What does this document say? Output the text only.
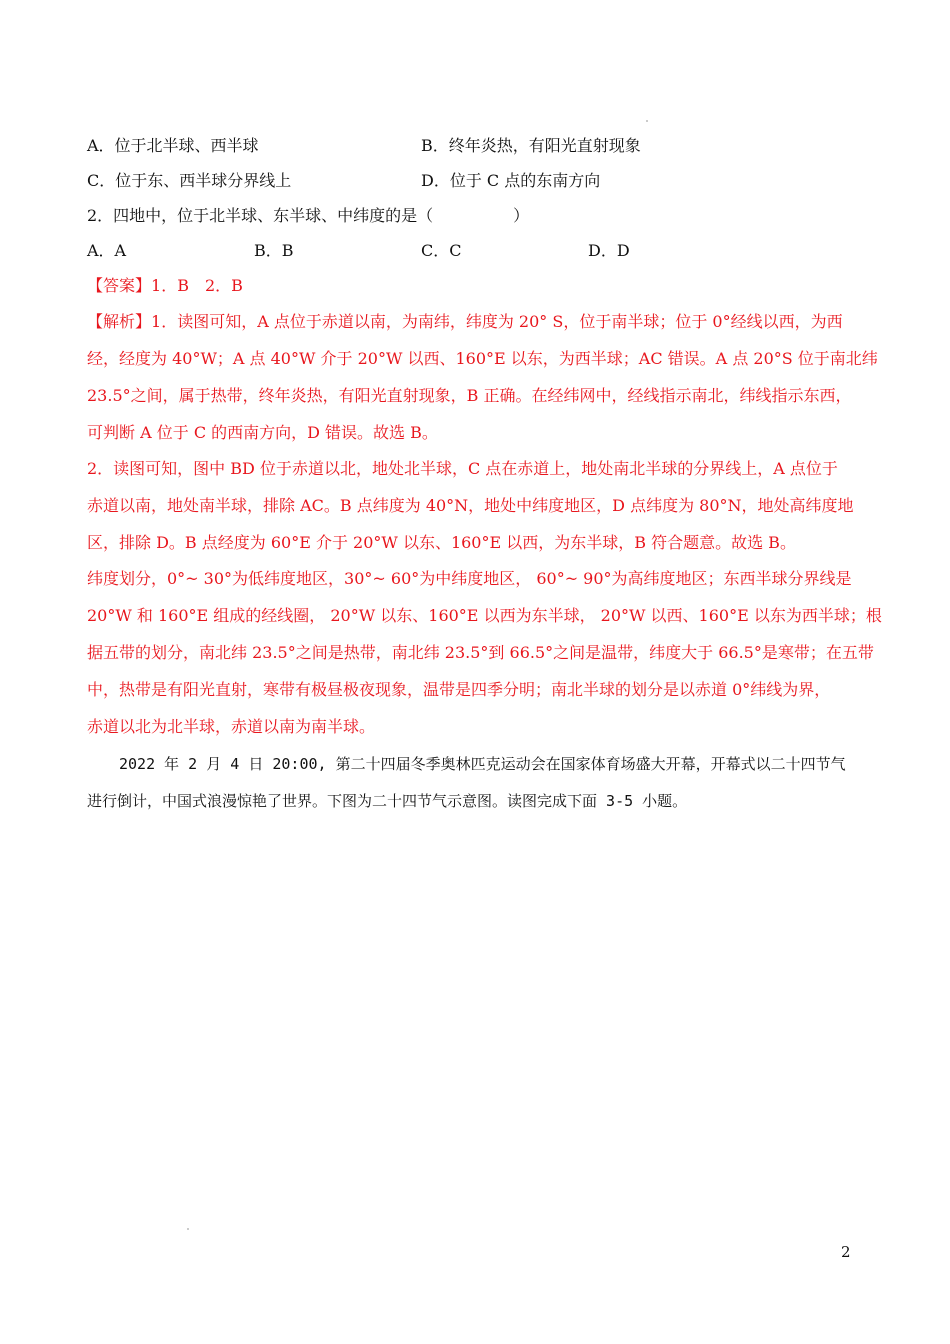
A．位于北半球、西半球	B．终年炎热，有阳光直射现象
C．位于东、西半球分界线上	D．位于 C 点的东南方向
2．四地中，位于北半球、东半球、中纬度的是（　　　　　）
A．A	B．B	C．C	D．D
【答案】1．B　2．B
【解析】1．读图可知，A 点位于赤道以南，为南纬，纬度为 20° S，位于南半球；位于 0°经线以西，为西
经，经度为 40°W；A 点 40°W 介于 20°W 以西、160°E 以东，为西半球；AC 错误。A 点 20°S 位于南北纬
23.5°之间，属于热带，终年炎热，有阳光直射现象，B 正确。在经纬网中，经线指示南北，纬线指示东西，
可判断 A 位于 C 的西南方向，D 错误。故选 B。
2．读图可知，图中 BD 位于赤道以北，地处北半球，C 点在赤道上，地处南北半球的分界线上，A 点位于
赤道以南，地处南半球，排除 AC。B 点纬度为 40°N，地处中纬度地区，D 点纬度为 80°N，地处高纬度地
区，排除 D。B 点经度为 60°E 介于 20°W 以东、160°E 以西，为东半球，B 符合题意。故选 B。
纬度划分，0°~ 30°为低纬度地区，30°~ 60°为中纬度地区， 60°~ 90°为高纬度地区；东西半球分界线是
20°W 和 160°E 组成的经线圈， 20°W 以东、160°E 以西为东半球， 20°W 以西、160°E 以东为西半球；根
据五带的划分，南北纬 23.5°之间是热带，南北纬 23.5°到 66.5°之间是温带，纬度大于 66.5°是寒带；在五带
中，热带是有阳光直射，寒带有极昼极夜现象，温带是四季分明；南北半球的划分是以赤道 0°纬线为界，
赤道以北为北半球，赤道以南为南半球。
2022 年 2 月 4 日 20:00, 第二十四届冬季奥林匹克运动会在国家体育场盛大开幕，开幕式以二十四节气
进行倒计，中国式浪漫惊艳了世界。下图为二十四节气示意图。读图完成下面 3-5 小题。
2
